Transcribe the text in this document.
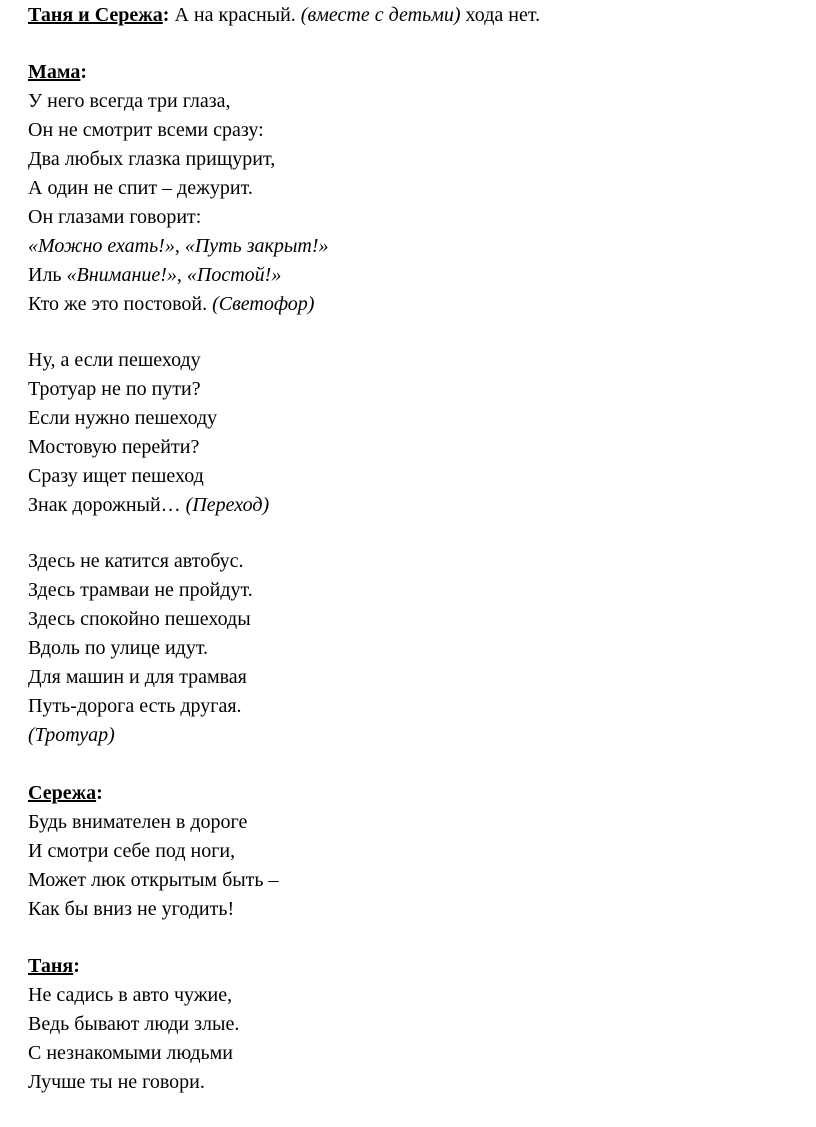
Таня и Сережа: А на красный. (вместе с детьми) хода нет.
Мама:
У него всегда три глаза,
Он не смотрит всеми сразу:
Два любых глазка прищурит,
А один не спит – дежурит.
Он глазами говорит:
«Можно ехать!», «Путь закрыт!»
Иль «Внимание!», «Постой!»
Кто же это постовой. (Светофор)
Ну, а если пешеходу
Тротуар не по пути?
Если нужно пешеходу
Мостовую перейти?
Сразу ищет пешеход
Знак дорожный… (Переход)
Здесь не катится автобус.
Здесь трамваи не пройдут.
Здесь спокойно пешеходы
Вдоль по улице идут.
Для машин и для трамвая
Путь-дорога есть другая.
(Тротуар)
Сережа:
Будь внимателен в дороге
И смотри себе под ноги,
Может люк открытым быть –
Как бы вниз не угодить!
Таня:
Не садись в авто чужие,
Ведь бывают люди злые.
С незнакомыми людьми
Лучше ты не говори.
